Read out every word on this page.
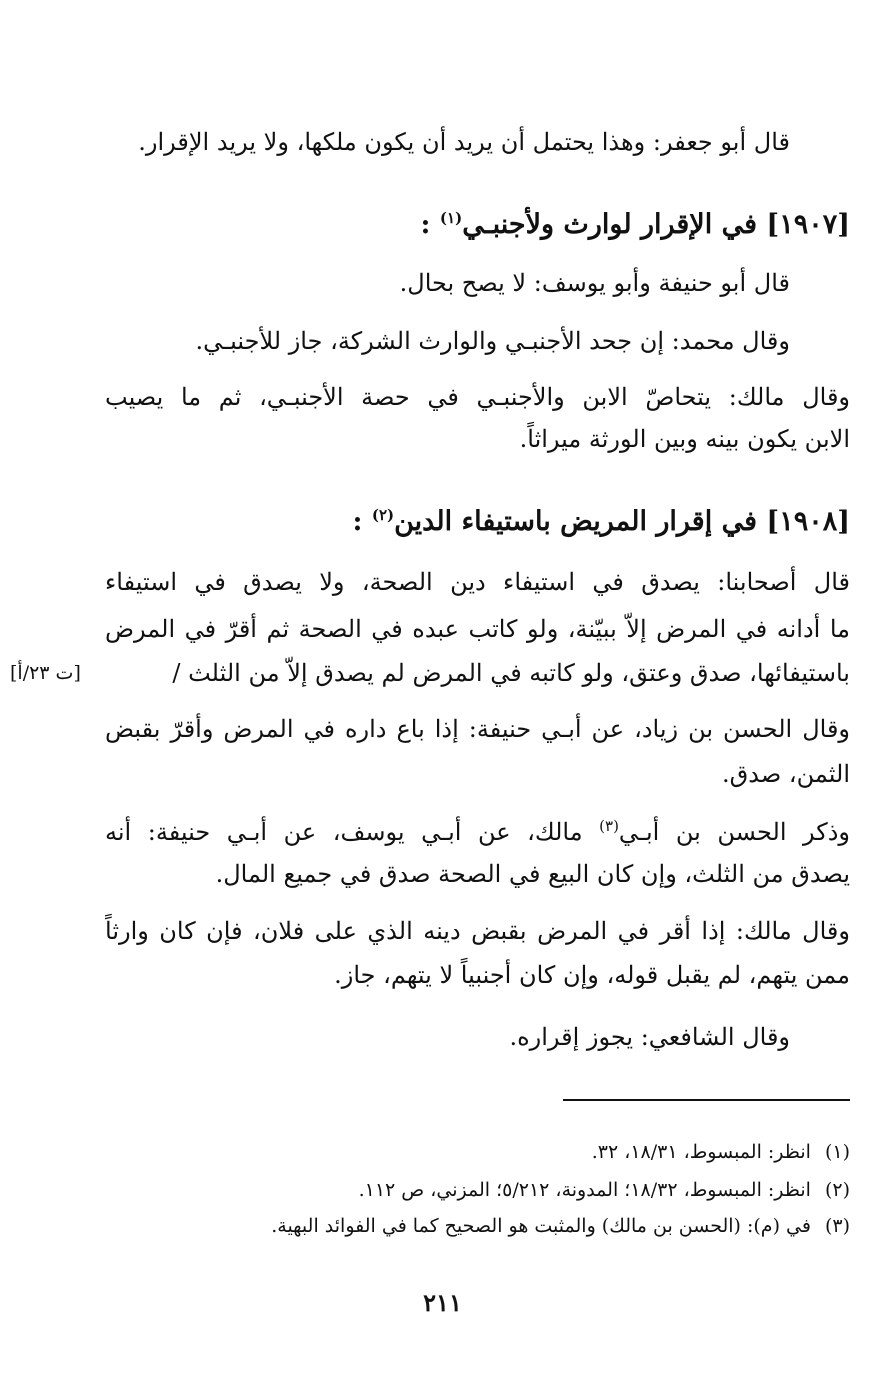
قال أبو جعفر: وهذا يحتمل أن يريد أن يكون ملكها، ولا يريد الإقرار.
[١٩٠٧] في الإقرار لوارث ولأجنبـي$^{(١)}$ :
قال أبو حنيفة وأبو يوسف: لا يصح بحال.
وقال محمد: إن جحد الأجنبـي والوارث الشركة، جاز للأجنبـي.
وقال مالك: يتحاصّ الابن والأجنبـي في حصة الأجنبـي، ثم ما يصيب
الابن يكون بينه وبين الورثة ميراثاً.
[١٩٠٨] في إقرار المريض باستيفاء الدين$^{(٢)}$ :
قال أصحابنا: يصدق في استيفاء دين الصحة، ولا يصدق في استيفاء
ما أدانه في المرض إلاّ ببيّنة، ولو كاتب عبده في الصحة ثم أقرّ في المرض
باستيفائها، صدق وعتق، ولو كاتبه في المرض لم يصدق إلاّ من الثلث /
[ت ٢٣/أ]
وقال الحسن بن زياد، عن أبـي حنيفة: إذا باع داره في المرض وأقرّ بقبض
الثمن، صدق.
وذكر الحسن بن أبـي$^{(٣)}$ مالك، عن أبـي يوسف، عن أبـي حنيفة: أنه
يصدق من الثلث، وإن كان البيع في الصحة صدق في جميع المال.
وقال مالك: إذا أقر في المرض بقبض دينه الذي على فلان، فإن كان وارثاً
ممن يتهم، لم يقبل قوله، وإن كان أجنبياً لا يتهم، جاز.
وقال الشافعي: يجوز إقراره.
(١)انظر: المبسوط، ١٨/٣١، ٣٢.
(٢)انظر: المبسوط، ١٨/٣٢؛ المدونة، ٥/٢١٢؛ المزني، ص ١١٢.
(٣)في (م): (الحسن بن مالك) والمثبت هو الصحيح كما في الفوائد البهية.
٢١١
